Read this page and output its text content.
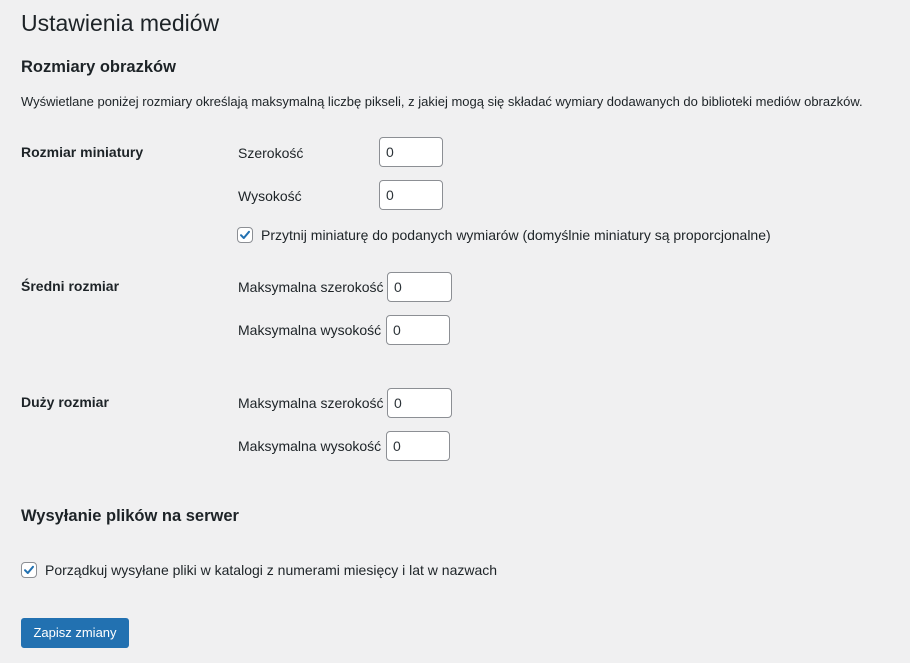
Ustawienia mediów
Rozmiary obrazków
Wyświetlane poniżej rozmiary określają maksymalną liczbę pikseli, z jakiej mogą się składać wymiary dodawanych do biblioteki mediów obrazków.
Rozmiar miniatury	Szerokość
0
Wysokość
0
Przytnij miniaturę do podanych wymiarów (domyślnie miniatury są proporcjonalne)
Średni rozmiar	Maksymalna szerokość
0
Maksymalna wysokość
0
Duży rozmiar	Maksymalna szerokość
0
Maksymalna wysokość
0
Wysyłanie plików na serwer
Porządkuj wysyłane pliki w katalogi z numerami miesięcy i lat w nazwach
Zapisz zmiany
